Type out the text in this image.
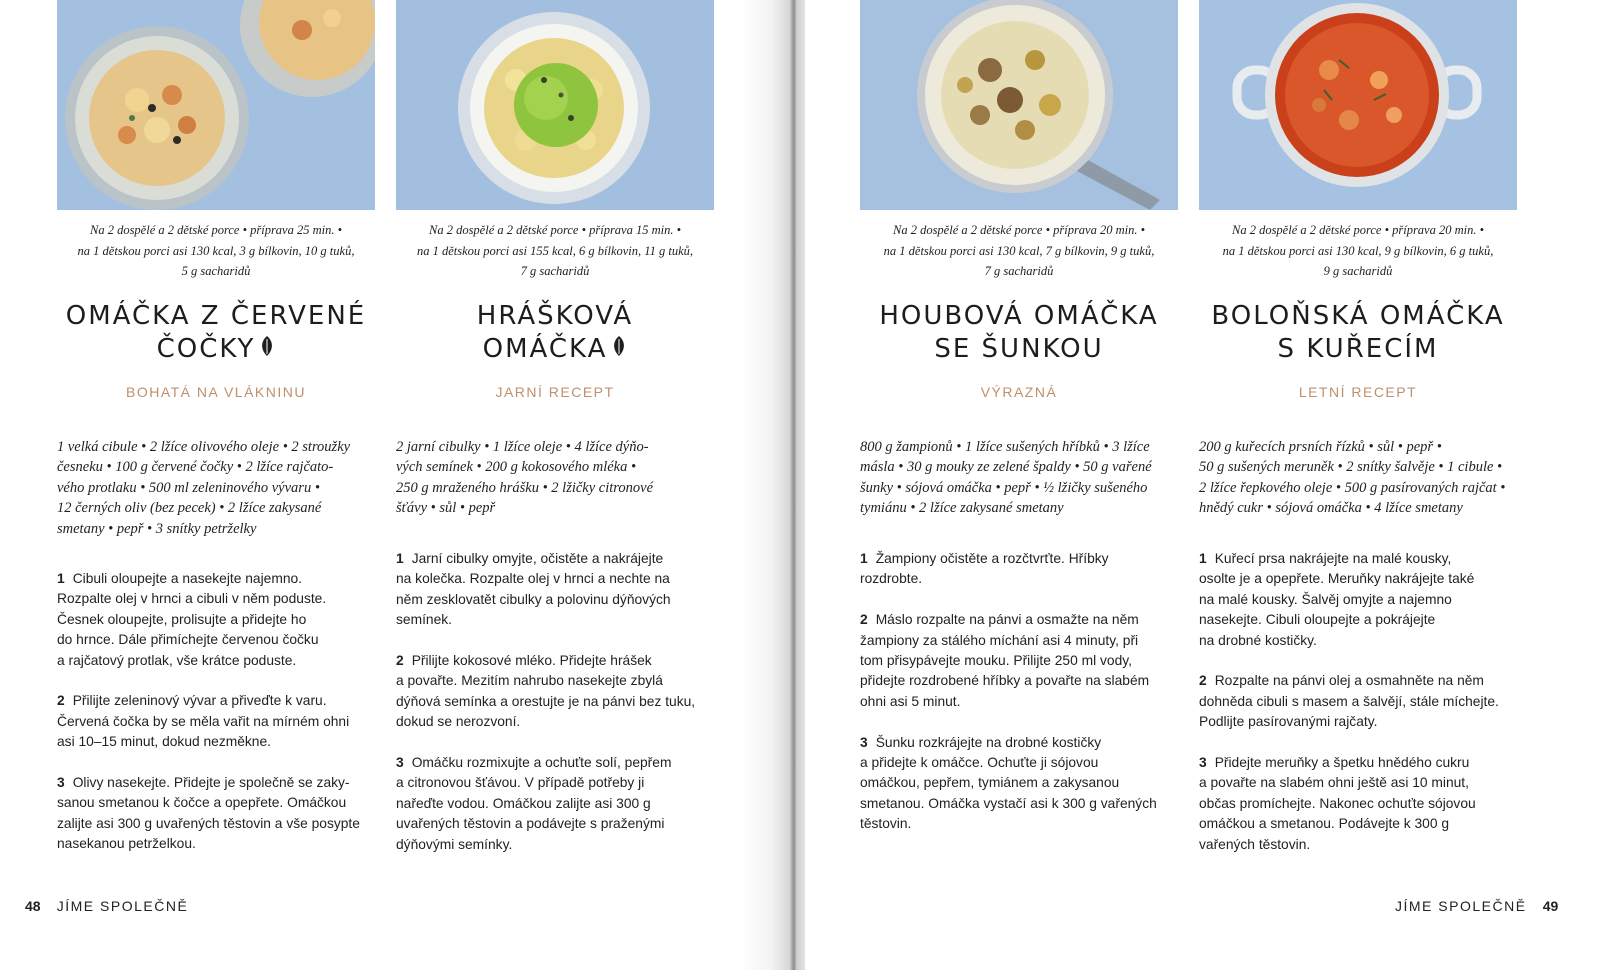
Na 2 dospělé a 2 dětské porce • příprava 25 min. •
na 1 dětskou porci asi 130 kcal, 3 g bílkovin, 10 g tuků,
5 g sacharidů
OMÁČKA Z ČERVENÉ
ČOČKY
BOHATÁ NA VLÁKNINU
1 velká cibule • 2 lžíce olivového oleje • 2 stroužky
česneku • 100 g červené čočky • 2 lžíce rajčato-
vého protlaku • 500 ml zeleninového vývaru •
12 černých oliv (bez pecek) • 2 lžíce zakysané
smetany • pepř • 3 snítky petrželky

1 Cibuli oloupejte a nasekejte najemno.
Rozpalte olej v hrnci a cibuli v něm poduste.
Česnek oloupejte, prolisujte a přidejte ho
do hrnce. Dále přimíchejte červenou čočku
a rajčatový protlak, vše krátce poduste.

2 Přilijte zeleninový vývar a přiveďte k varu.
Červená čočka by se měla vařit na mírném ohni
asi 10–15 minut, dokud nezměkne.

3 Olivy nasekejte. Přidejte je společně se zaky-
sanou smetanou k čočce a opepřete. Omáčkou
zalijte asi 300 g uvařených těstovin a vše posypte
nasekanou petrželkou.

Na 2 dospělé a 2 dětské porce • příprava 15 min. •
na 1 dětskou porci asi 155 kcal, 6 g bílkovin, 11 g tuků,
7 g sacharidů
HRÁŠKOVÁ
OMÁČKA
JARNÍ RECEPT
2 jarní cibulky • 1 lžíce oleje • 4 lžíce dýňo-
vých semínek • 200 g kokosového mléka •
250 g mraženého hrášku • 2 lžičky citronové
šťávy • sůl • pepř

1 Jarní cibulky omyjte, očistěte a nakrájejte
na kolečka. Rozpalte olej v hrnci a nechte na
něm zesklovatět cibulky a polovinu dýňových
semínek.

2 Přilijte kokosové mléko. Přidejte hrášek
a povařte. Mezitím nahrubo nasekejte zbylá
dýňová semínka a orestujte je na pánvi bez tuku,
dokud se nerozvoní.

3 Omáčku rozmixujte a ochuťte solí, pepřem
a citronovou šťávou. V případě potřeby ji
nařeďte vodou. Omáčkou zalijte asi 300 g
uvařených těstovin a podávejte s praženými
dýňovými semínky.

48 JÍME SPOLEČNĚ
Na 2 dospělé a 2 dětské porce • příprava 20 min. •
na 1 dětskou porci asi 130 kcal, 7 g bílkovin, 9 g tuků,
7 g sacharidů
HOUBOVÁ OMÁČKA
SE ŠUNKOU
VÝRAZNÁ
800 g žampionů • 1 lžíce sušených hříbků • 3 lžíce
másla • 30 g mouky ze zelené špaldy • 50 g vařené
šunky • sójová omáčka • pepř • ½ lžičky sušeného
tymiánu • 2 lžíce zakysané smetany

1 Žampiony očistěte a rozčtvrťte. Hříbky
rozdrobte.

2 Máslo rozpalte na pánvi a osmažte na něm
žampiony za stálého míchání asi 4 minuty, při
tom přisypávejte mouku. Přilijte 250 ml vody,
přidejte rozdrobené hříbky a povařte na slabém
ohni asi 5 minut.

3 Šunku rozkrájejte na drobné kostičky
a přidejte k omáčce. Ochuťte ji sójovou
omáčkou, pepřem, tymiánem a zakysanou
smetanou. Omáčka vystačí asi k 300 g vařených
těstovin.

Na 2 dospělé a 2 dětské porce • příprava 20 min. •
na 1 dětskou porci asi 130 kcal, 9 g bílkovin, 6 g tuků,
9 g sacharidů
BOLOŇSKÁ OMÁČKA
S KUŘECÍM
LETNÍ RECEPT
200 g kuřecích prsních řízků • sůl • pepř •
50 g sušených meruněk • 2 snítky šalvěje • 1 cibule •
2 lžíce řepkového oleje • 500 g pasírovaných rajčat •
hnědý cukr • sójová omáčka • 4 lžíce smetany

1 Kuřecí prsa nakrájejte na malé kousky,
osolte je a opepřete. Meruňky nakrájejte také
na malé kousky. Šalvěj omyjte a najemno
nasekejte. Cibuli oloupejte a pokrájejte
na drobné kostičky.

2 Rozpalte na pánvi olej a osmahněte na něm
dohněda cibuli s masem a šalvějí, stále míchejte.
Podlijte pasírovanými rajčaty.

3 Přidejte meruňky a špetku hnědého cukru
a povařte na slabém ohni ještě asi 10 minut,
občas promíchejte. Nakonec ochuťte sójovou
omáčkou a smetanou. Podávejte k 300 g
vařených těstovin.

JÍME SPOLEČNĚ 49
